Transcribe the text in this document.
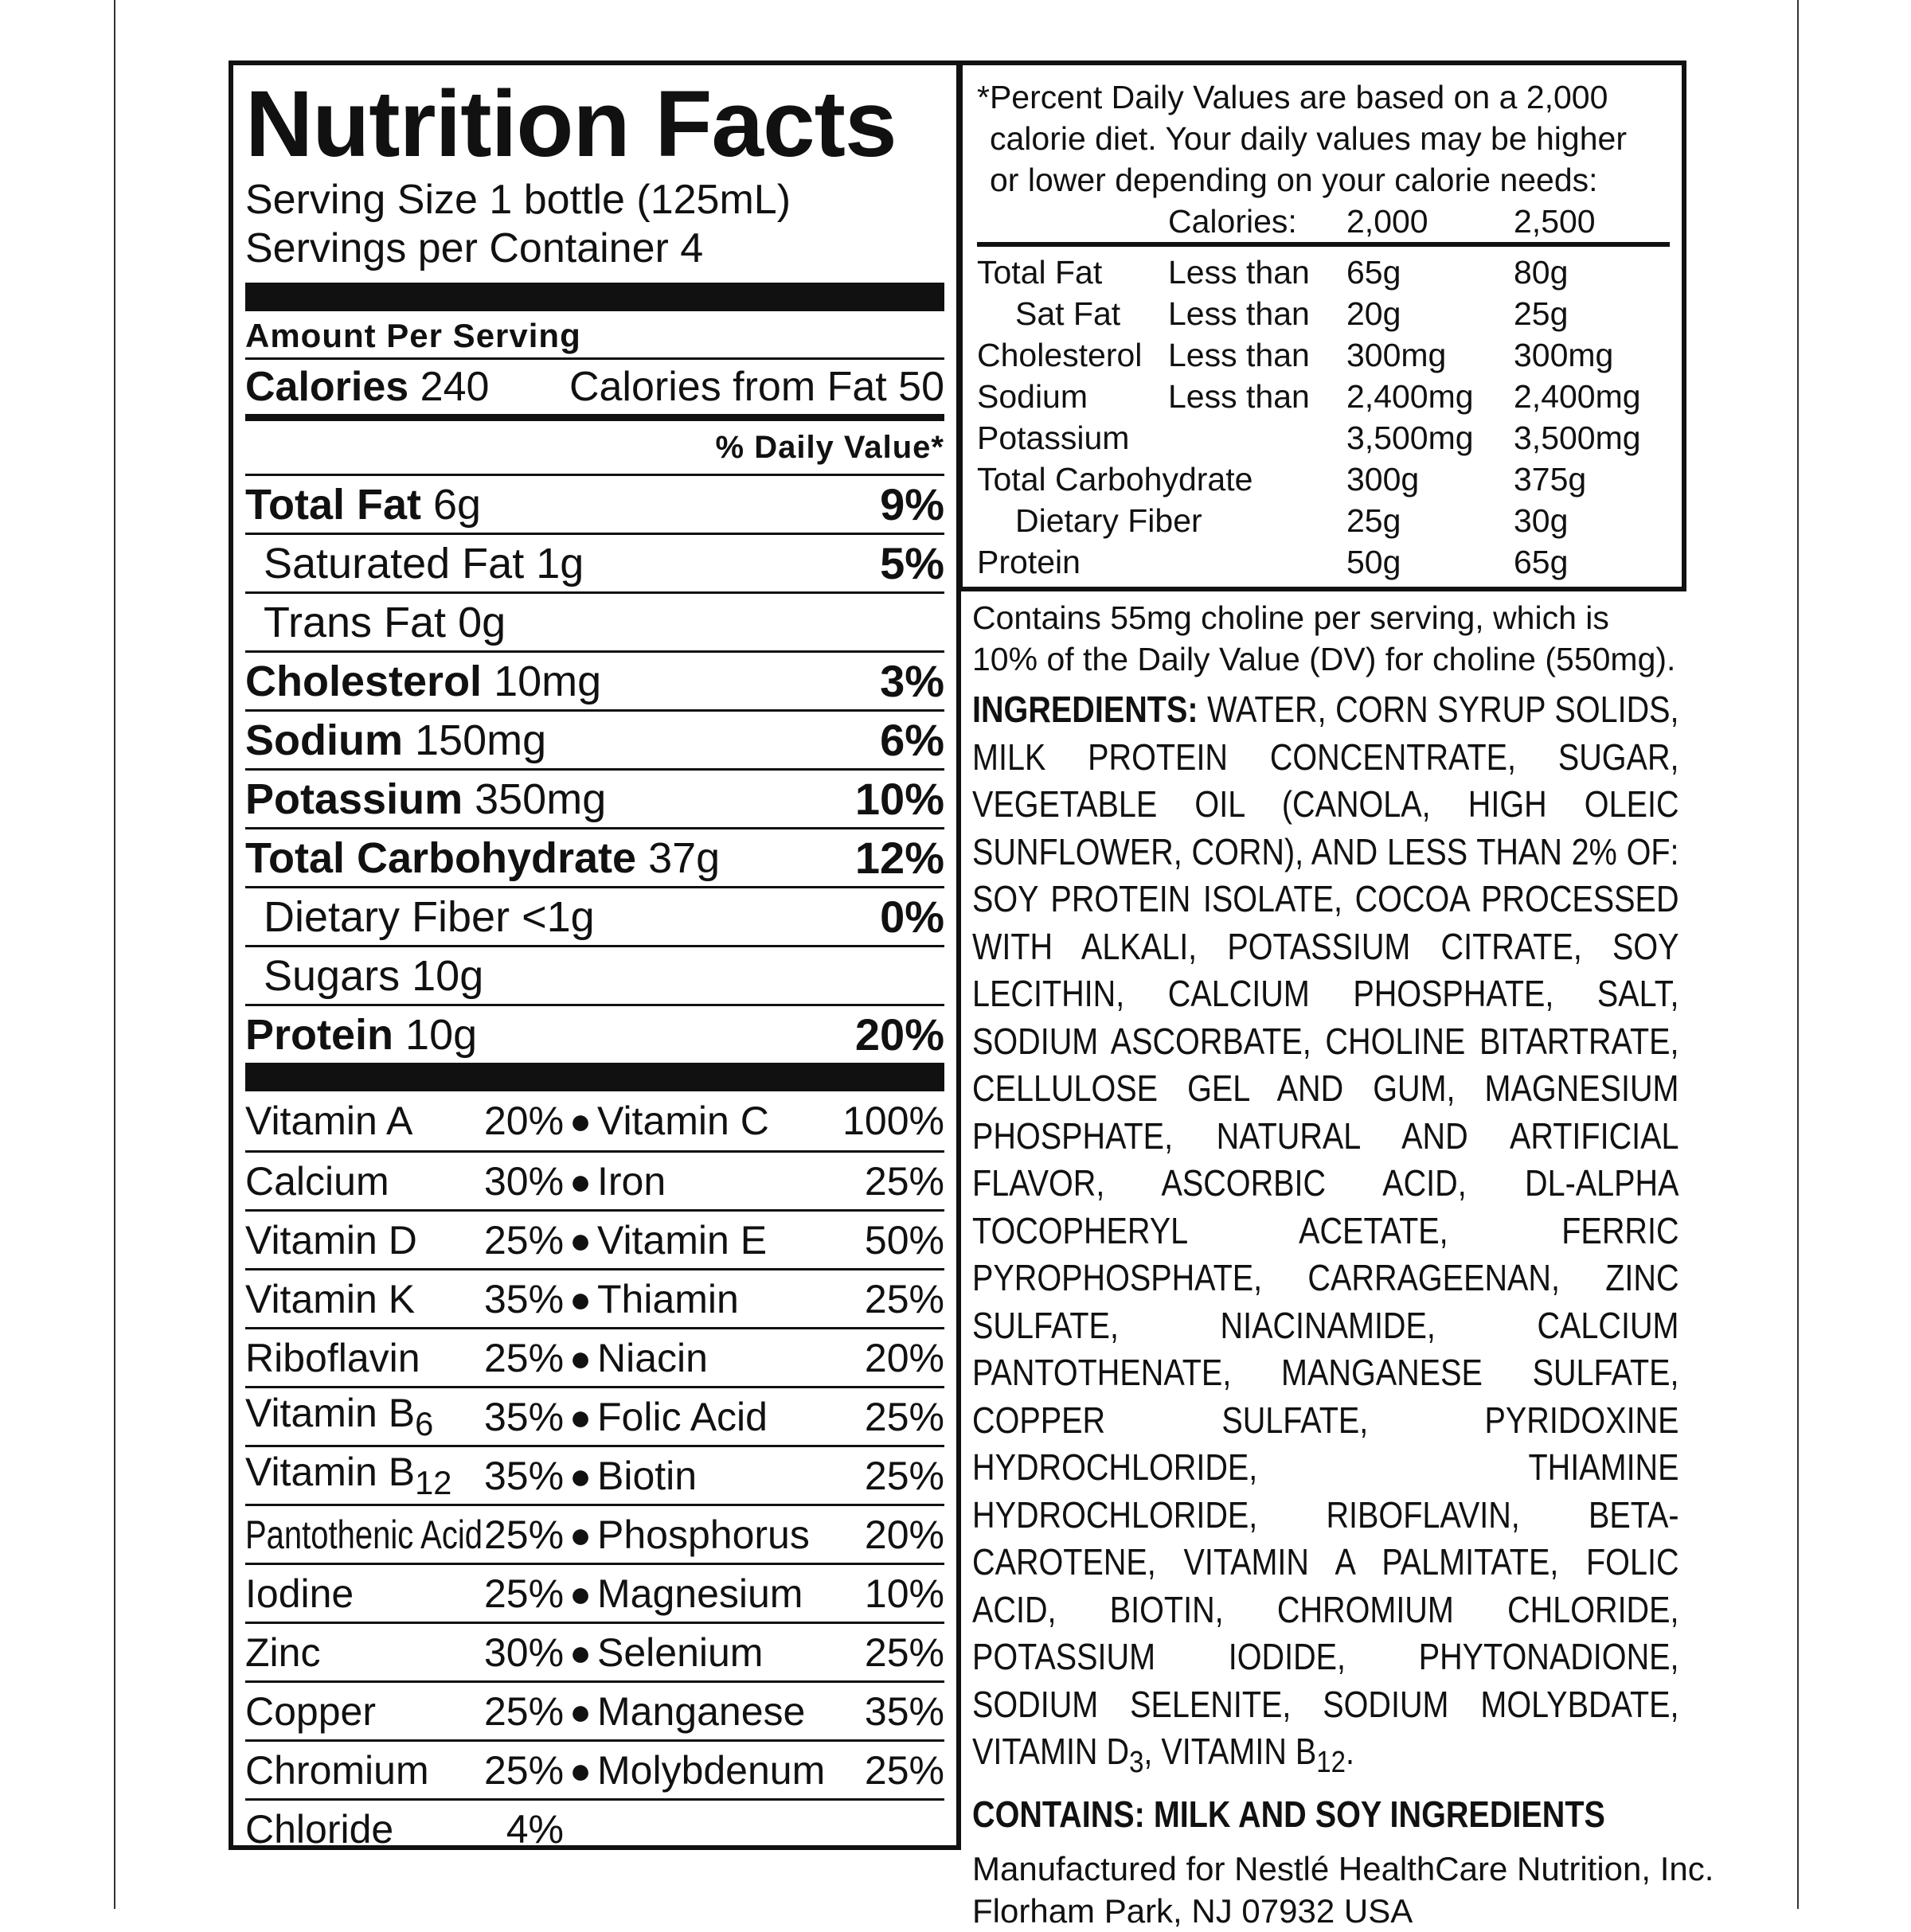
Nutrition Facts
Serving Size 1 bottle (125mL)
Servings per Container 4
Amount Per Serving
Calories 240 Calories from Fat 50
% Daily Value*
Total Fat 6g	9%
Saturated Fat 1g	5%
Trans Fat 0g
Cholesterol 10mg	3%
Sodium 150mg	6%
Potassium 350mg	10%
Total Carbohydrate 37g	12%
Dietary Fiber <1g	0%
Sugars 10g
Protein 10g	20%
Vitamin A	20% ● Vitamin C	100%
Calcium	30% ● Iron	25%
Vitamin D	25% ● Vitamin E	50%
Vitamin K	35% ● Thiamin	25%
Riboflavin	25% ● Niacin	20%
Vitamin $B_6$	35% ● Folic Acid	25%
Vitamin $B_{12}$ 35% ● Biotin	25%
Pantothenic Acid 25% ● Phosphorus	20%
Iodine	25% ● Magnesium	10%
Zinc	30% ● Selenium	25%
Copper	25% ● Manganese	35%
Chromium	25% ● Molybdenum 25%
Chloride	4%
*Percent Daily Values are based on a 2,000
calorie diet. Your daily values may be higher
or lower depending on your calorie needs:
Calories: 2,000	2,500
Total Fat Less than 65g	80g
Sat Fat Less than 20g	25g
Cholesterol Less than 300mg 300mg
Sodium Less than 2,400mg 2,400mg
Potassium	3,500mg 3,500mg
Total Carbohydrate	300g	375g
Dietary Fiber	25g	30g
Protein	50g	65g
Contains 55mg choline per serving, which is 10% of the Daily Value (DV) for choline (550mg).
INGREDIENTS: WATER, CORN SYRUP SOLIDS, MILK PROTEIN CONCENTRATE, SUGAR, VEGETABLE OIL (CANOLA, HIGH OLEIC SUNFLOWER, CORN), AND LESS THAN 2% OF: SOY PROTEIN ISOLATE, COCOA PROCESSED WITH ALKALI, POTASSIUM CITRATE, SOY LECITHIN, CALCIUM PHOSPHATE, SALT, SODIUM ASCORBATE, CHOLINE BITARTRATE, CELLULOSE GEL AND GUM, MAGNESIUM PHOSPHATE, NATURAL AND ARTIFICIAL FLAVOR, ASCORBIC ACID, DL-ALPHA TOCOPHERYL ACETATE, FERRIC PYROPHOSPHATE, CARRAGEENAN, ZINC SULFATE, NIACINAMIDE, CALCIUM PANTOTHENATE, MANGANESE SULFATE, COPPER SULFATE, PYRIDOXINE HYDROCHLORIDE, THIAMINE HYDROCHLORIDE, RIBOFLAVIN, BETA-CAROTENE, VITAMIN A PALMITATE, FOLIC ACID, BIOTIN, CHROMIUM CHLORIDE, POTASSIUM IODIDE, PHYTONADIONE, SODIUM SELENITE, SODIUM MOLYBDATE, VITAMIN $D_3$, VITAMIN $B_{12}$.
CONTAINS: MILK AND SOY INGREDIENTS
Manufactured for Nestlé HealthCare Nutrition, Inc.
Florham Park, NJ 07932 USA
